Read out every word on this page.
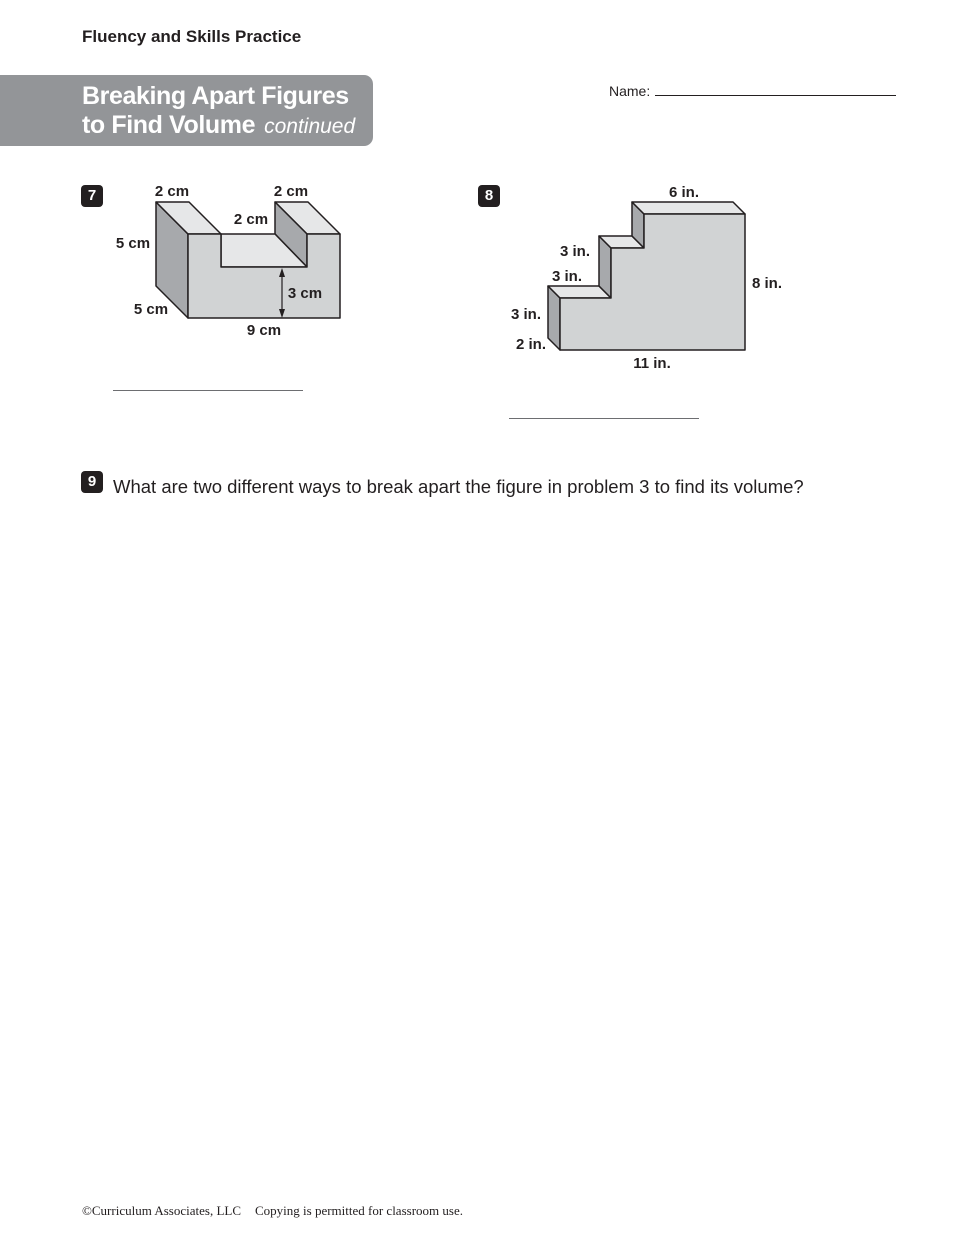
Fluency and Skills Practice
Breaking Apart Figures
to Find Volume continued
Name:
7	2 cm	2 cm
2 cm
5 cm
5 cm
3 cm
9 cm
8	6 in.
3 in.
3 in.	8 in.
3 in.
2 in.
11 in.
9 What are two different ways to break apart the figure in problem 3 to find its volume?
©Curriculum Associates, LLC Copying is permitted for classroom use.
